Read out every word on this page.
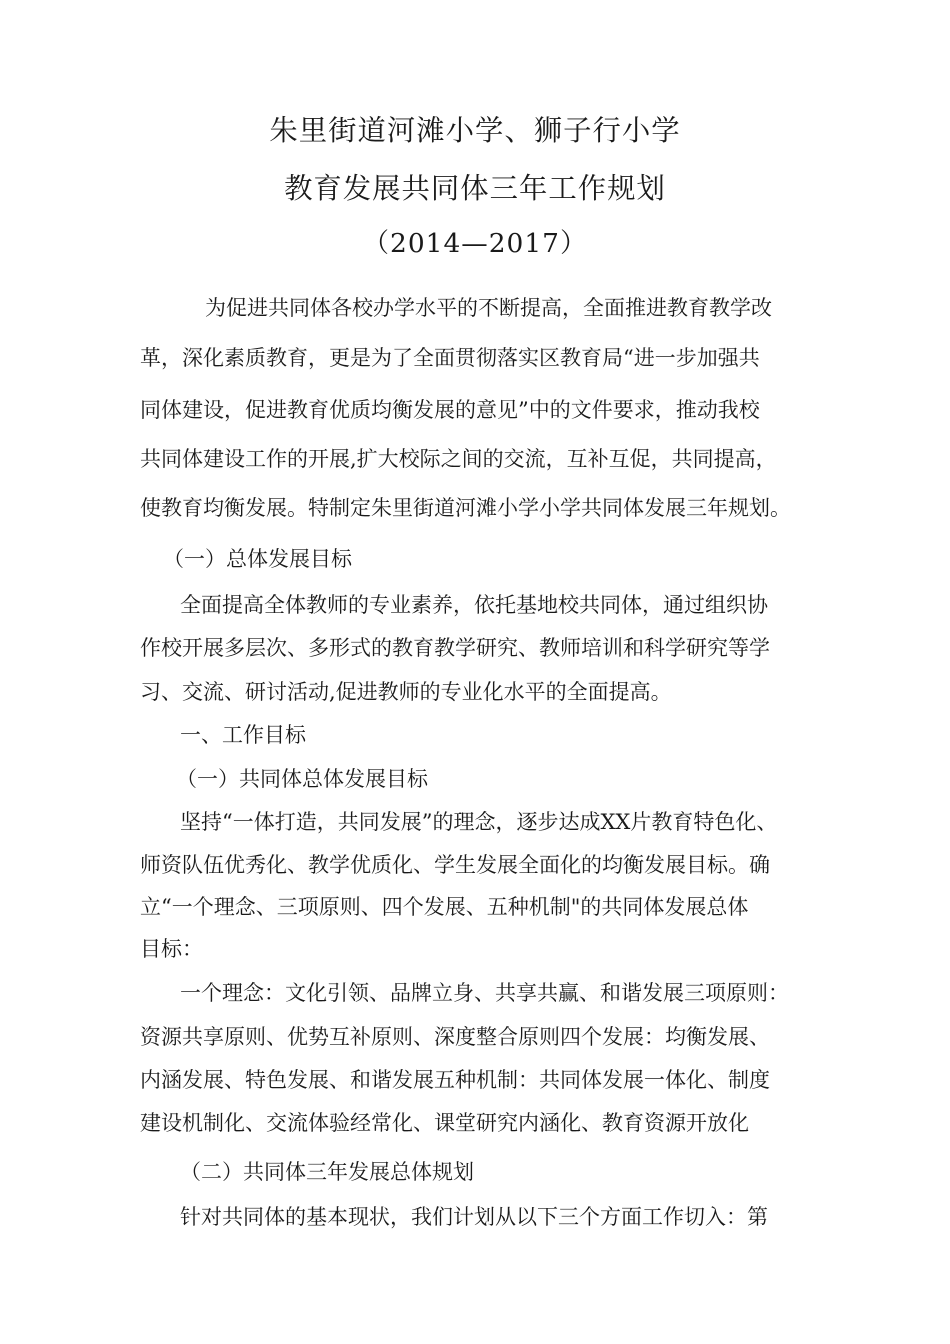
朱里街道河滩小学、狮子行小学
教育发展共同体三年工作规划
（2014—2017）
为促进共同体各校办学水平的不断提高，全面推进教育教学改
革，深化素质教育，更是为了全面贯彻落实区教育局“进一步加强共
同体建设，促进教育优质均衡发展的意见”中的文件要求，推动我校
共同体建设工作的开展,扩大校际之间的交流，互补互促，共同提高，
使教育均衡发展。特制定朱里街道河滩小学小学共同体发展三年规划。
（一）总体发展目标
全面提高全体教师的专业素养，依托基地校共同体，通过组织协
作校开展多层次、多形式的教育教学研究、教师培训和科学研究等学
习、交流、研讨活动,促进教师的专业化水平的全面提高。
一、工作目标
（一）共同体总体发展目标
坚持“一体打造，共同发展”的理念，逐步达成XX片教育特色化、
师资队伍优秀化、教学优质化、学生发展全面化的均衡发展目标。确
立“一个理念、三项原则、四个发展、五种机制"的共同体发展总体
目标：
一个理念：文化引领、品牌立身、共享共赢、和谐发展三项原则：
资源共享原则、优势互补原则、深度整合原则四个发展：均衡发展、
内涵发展、特色发展、和谐发展五种机制：共同体发展一体化、制度
建设机制化、交流体验经常化、课堂研究内涵化、教育资源开放化
（二）共同体三年发展总体规划
针对共同体的基本现状，我们计划从以下三个方面工作切入：第
